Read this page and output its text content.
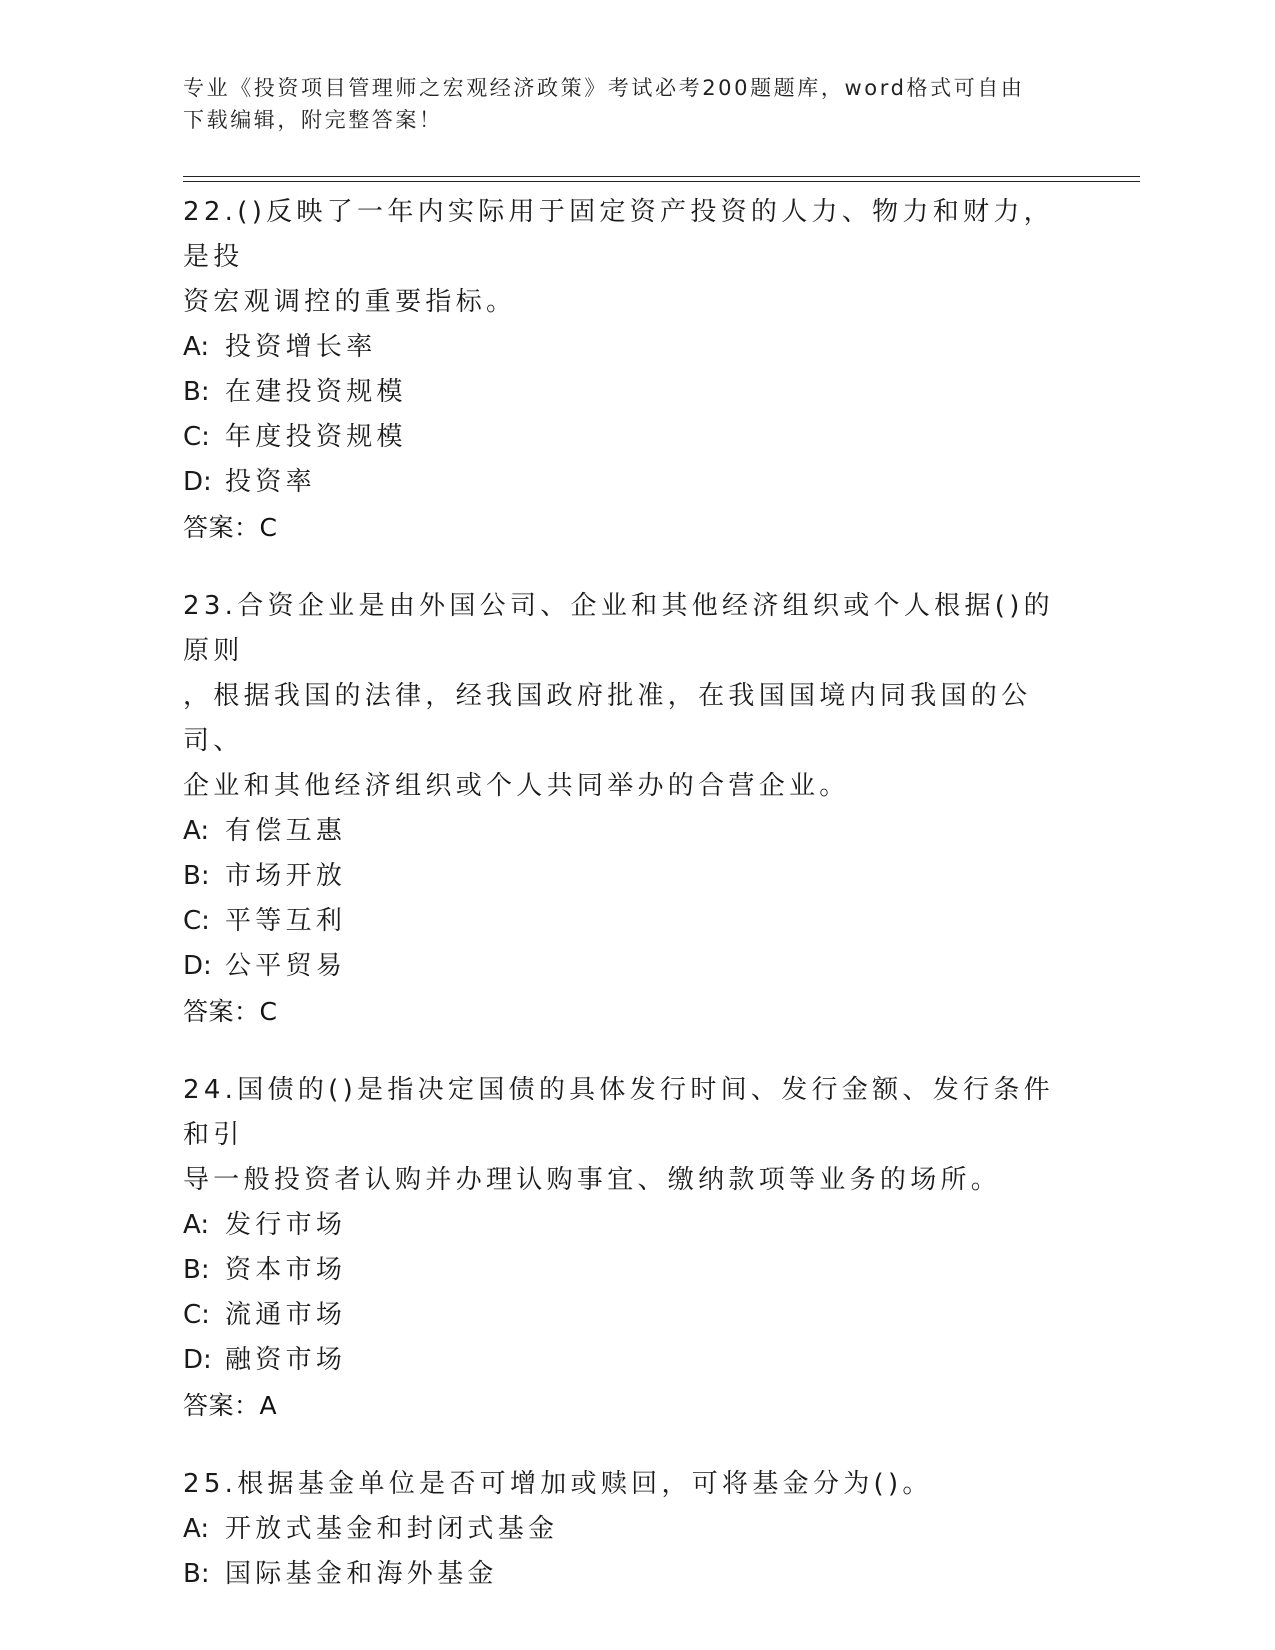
专业《投资项目管理师之宏观经济政策》考试必考200题题库，word格式可自由
下载编辑，附完整答案！

22.()反映了一年内实际用于固定资产投资的人力、物力和财力，是投

资宏观调控的重要指标。

A: 投资增长率

B: 在建投资规模

C: 年度投资规模

D: 投资率

答案：C

23.合资企业是由外国公司、企业和其他经济组织或个人根据()的原则

，根据我国的法律，经我国政府批准，在我国国境内同我国的公司、

企业和其他经济组织或个人共同举办的合营企业。

A: 有偿互惠

B: 市场开放

C: 平等互利

D: 公平贸易

答案：C

24.国债的()是指决定国债的具体发行时间、发行金额、发行条件和引

导一般投资者认购并办理认购事宜、缴纳款项等业务的场所。

A: 发行市场

B: 资本市场

C: 流通市场

D: 融资市场

答案：A

25.根据基金单位是否可增加或赎回，可将基金分为()。

A: 开放式基金和封闭式基金

B: 国际基金和海外基金
